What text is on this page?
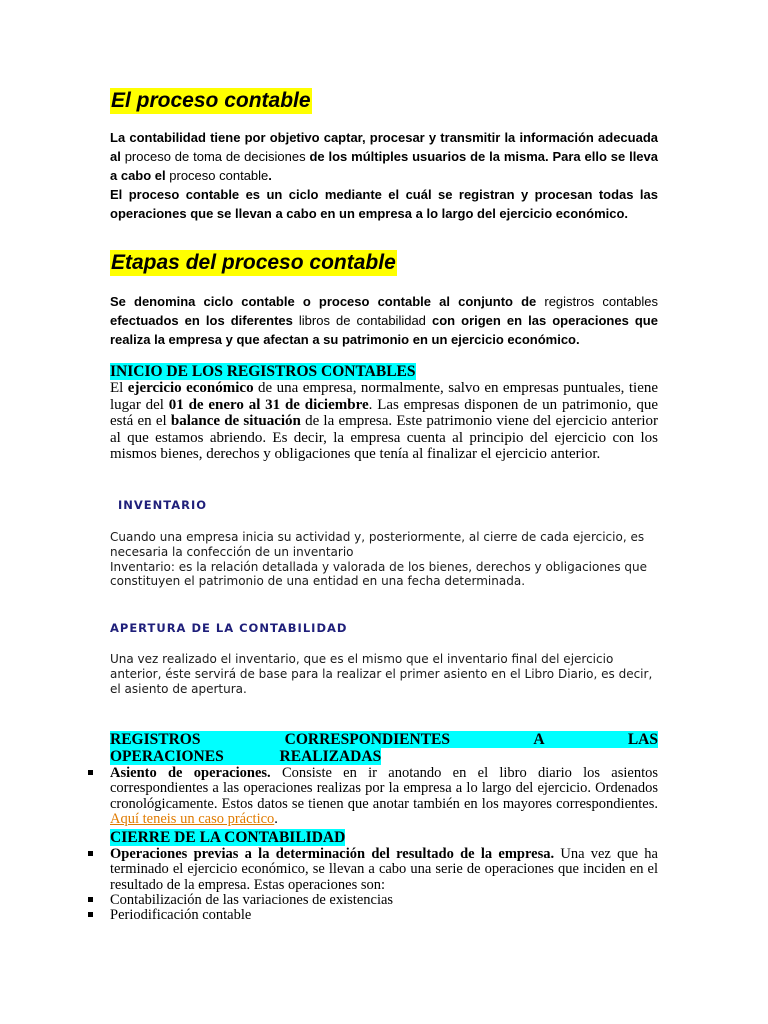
El proceso contable
La contabilidad tiene por objetivo captar, procesar y transmitir la información adecuada al proceso de toma de decisiones de los múltiples usuarios de la misma. Para ello se lleva a cabo el proceso contable.
El proceso contable es un ciclo mediante el cuál se registran y procesan todas las operaciones que se llevan a cabo en un empresa a lo largo del ejercicio económico.
Etapas del proceso contable
Se denomina ciclo contable o proceso contable al conjunto de registros contables efectuados en los diferentes libros de contabilidad con origen en las operaciones que realiza la empresa y que afectan a su patrimonio en un ejercicio económico.
INICIO DE LOS REGISTROS CONTABLES
El ejercicio económico de una empresa, normalmente, salvo en empresas puntuales, tiene lugar del 01 de enero al 31 de diciembre. Las empresas disponen de un patrimonio, que está en el balance de situación de la empresa. Este patrimonio viene del ejercicio anterior al que estamos abriendo. Es decir, la empresa cuenta al principio del ejercicio con los mismos bienes, derechos y obligaciones que tenía al finalizar el ejercicio anterior.
INVENTARIO
Cuando una empresa inicia su actividad y, posteriormente, al cierre de cada ejercicio, es necesaria la confección de un inventario
Inventario: es la relación detallada y valorada de los bienes, derechos y obligaciones que constituyen el patrimonio de una entidad en una fecha determinada.
APERTURA DE LA CONTABILIDAD
Una vez realizado el inventario, que es el mismo que el inventario final del ejercicio anterior, éste servirá de base para la realizar el primer asiento en el Libro Diario, es decir, el asiento de apertura.
REGISTROS CORRESPONDIENTES A LAS OPERACIONES REALIZADAS
Asiento de operaciones. Consiste en ir anotando en el libro diario los asientos correspondientes a las operaciones realizas por la empresa a lo largo del ejercicio. Ordenados cronológicamente. Estos datos se tienen que anotar también en los mayores correspondientes. Aquí teneis un caso práctico.
CIERRE DE LA CONTABILIDAD
Operaciones previas a la determinación del resultado de la empresa. Una vez que ha terminado el ejercicio económico, se llevan a cabo una serie de operaciones que inciden en el resultado de la empresa. Estas operaciones son:
Contabilización de las variaciones de existencias
Periodificación contable
